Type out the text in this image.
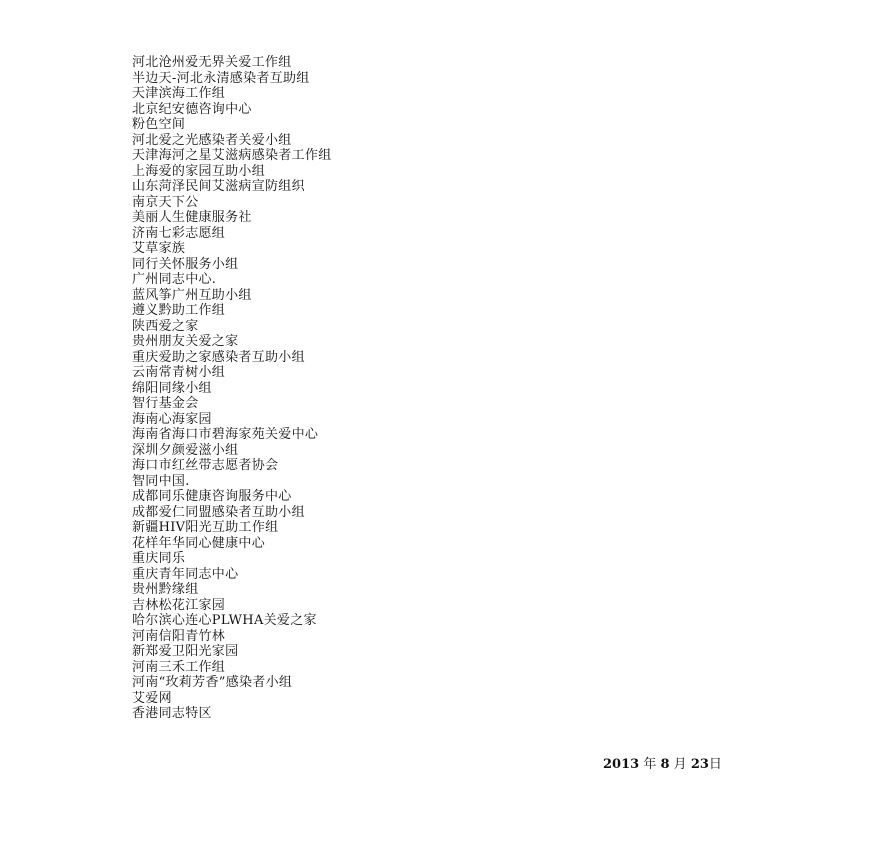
河北沧州爱无界关爱工作组
半边天-河北永清感染者互助组
天津滨海工作组
北京纪安德咨询中心
粉色空间
河北爱之光感染者关爱小组
天津海河之星艾滋病感染者工作组
上海爱的家园互助小组
山东菏泽民间艾滋病宣防组织
南京天下公
美丽人生健康服务社
济南七彩志愿组
艾草家族
同行关怀服务小组
广州同志中心.
蓝风筝广州互助小组
遵义黔助工作组
陕西爱之家
贵州朋友关爱之家
重庆爱助之家感染者互助小组
云南常青树小组
绵阳同缘小组
智行基金会
海南心海家园
海南省海口市碧海家苑关爱中心
深圳夕颜爱滋小组
海口市红丝带志愿者协会
智同中国.
成都同乐健康咨询服务中心
成都爱仁同盟感染者互助小组
新疆HIV阳光互助工作组
花样年华同心健康中心
重庆同乐
重庆青年同志中心
贵州黔缘组
吉林松花江家园
哈尔滨心连心PLWHA关爱之家
河南信阳青竹林
新郑爱卫阳光家园
河南三禾工作组
河南“玫莉芳香”感染者小组
艾爱网
香港同志特区
2013 年 8 月 23日
